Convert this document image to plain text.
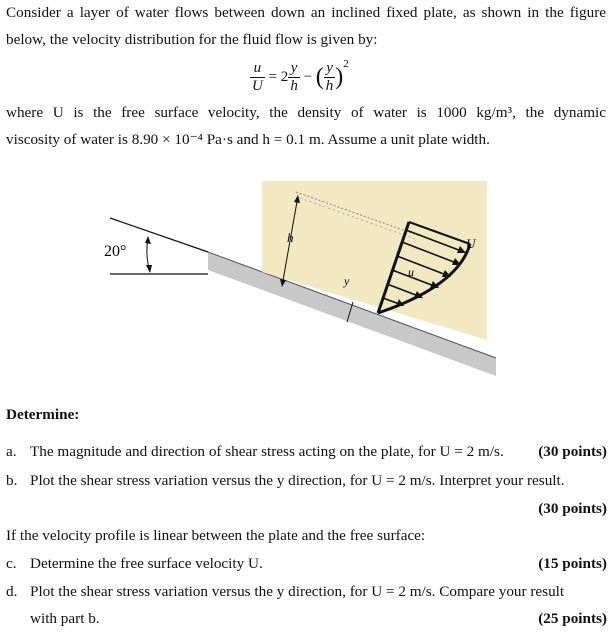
Consider a layer of water flows between down an inclined fixed plate, as shown in the figure
below, the velocity distribution for the fluid flow is given by:
$\frac{u}{U} = 2 \frac{y}{h}$ − ( $\frac{y}{h} )^2$
where U is the free surface velocity, the density of water is 1000 kg/m³, the dynamic
viscosity of water is 8.90 × 10⁻⁴ Pa·s and h = 0.1 m. Assume a unit plate width.
20°
h
y
u
U
Determine:
a. The magnitude and direction of shear stress acting on the plate, for U = 2 m/s. (30 points)
b. Plot the shear stress variation versus the y direction, for U = 2 m/s. Interpret your result.
(30 points)
If the velocity profile is linear between the plate and the free surface:
c. Determine the free surface velocity U.	(15 points)
d. Plot the shear stress variation versus the y direction, for U = 2 m/s. Compare your result
with part b.	(25 points)
